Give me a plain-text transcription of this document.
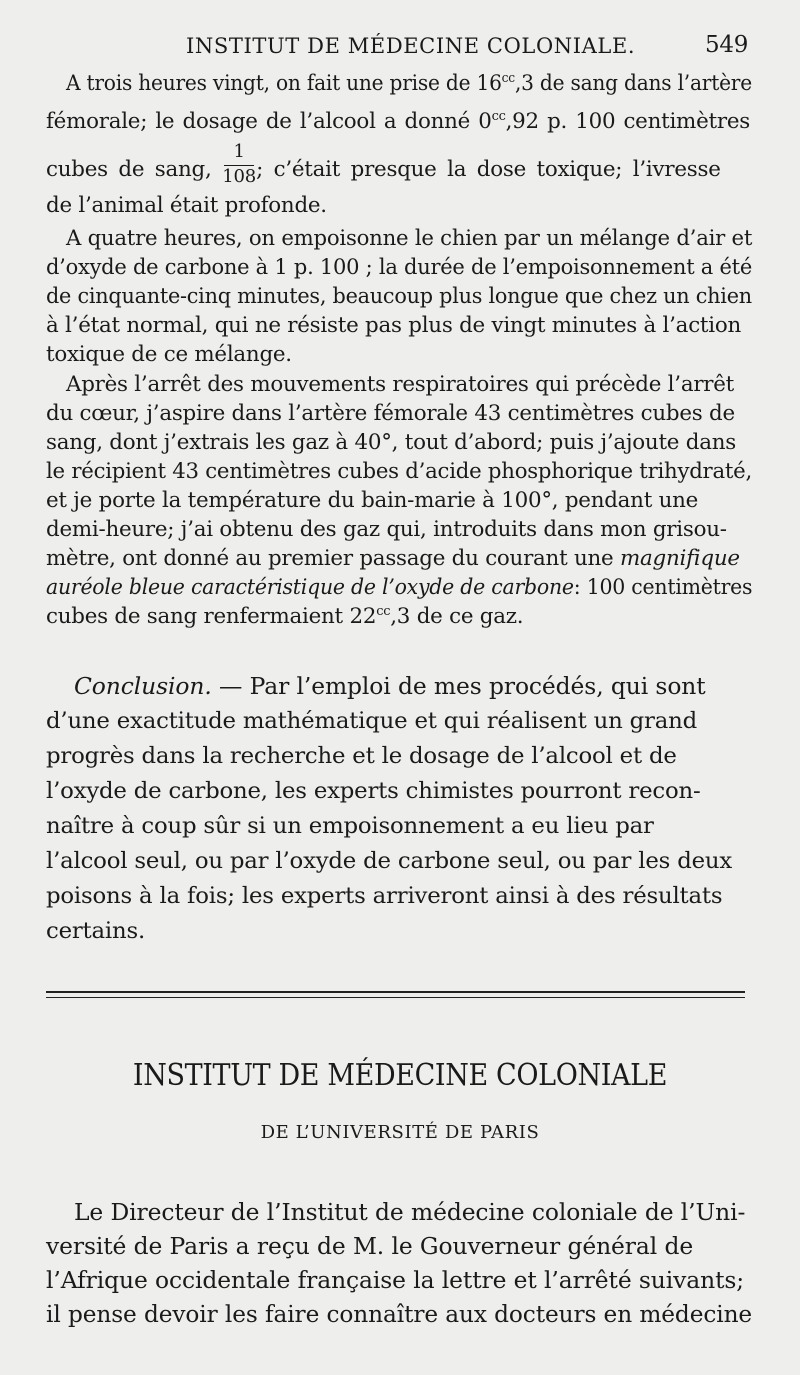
INSTITUT DE MÉDECINE COLONIALE.	549
A trois heures vingt, on fait une prise de $16^{cc},3$ de sang dans l’artère
fémorale; le dosage de l’alcool a donné $0^{cc},92$ p. 100 centimètres
cubes de sang, $\frac{1}{108}$ ; c’était presque la dose toxique; l’ivresse
de l’animal était profonde.
A quatre heures, on empoisonne le chien par un mélange d’air et
d’oxyde de carbone à 1 p. 100 ; la durée de l’empoisonnement a été
de cinquante-cinq minutes, beaucoup plus longue que chez un chien
à l’état normal, qui ne résiste pas plus de vingt minutes à l’action
toxique de ce mélange.
Après l’arrêt des mouvements respiratoires qui précède l’arrêt
du cœur, j’aspire dans l’artère fémorale 43 centimètres cubes de
sang, dont j’extrais les gaz à 40°, tout d’abord; puis j’ajoute dans
le récipient 43 centimètres cubes d’acide phosphorique trihydraté,
et je porte la température du bain-marie à 100°, pendant une
demi-heure; j’ai obtenu des gaz qui, introduits dans mon grisou-
mètre, ont donné au premier passage du courant une magnifique
auréole bleue caractéristique de l’oxyde de carbone: 100 centimètres
cubes de sang renfermaient $22^{cc},3$ de ce gaz.
Conclusion. — Par l’emploi de mes procédés, qui sont
d’une exactitude mathématique et qui réalisent un grand
progrès dans la recherche et le dosage de l’alcool et de
l’oxyde de carbone, les experts chimistes pourront recon-
naître à coup sûr si un empoisonnement a eu lieu par
l’alcool seul, ou par l’oxyde de carbone seul, ou par les deux
poisons à la fois; les experts arriveront ainsi à des résultats
certains.
INSTITUT DE MÉDECINE COLONIALE
DE L’UNIVERSITÉ DE PARIS
Le Directeur de l’Institut de médecine coloniale de l’Uni-
versité de Paris a reçu de M. le Gouverneur général de
l’Afrique occidentale française la lettre et l’arrêté suivants;
il pense devoir les faire connaître aux docteurs en médecine
